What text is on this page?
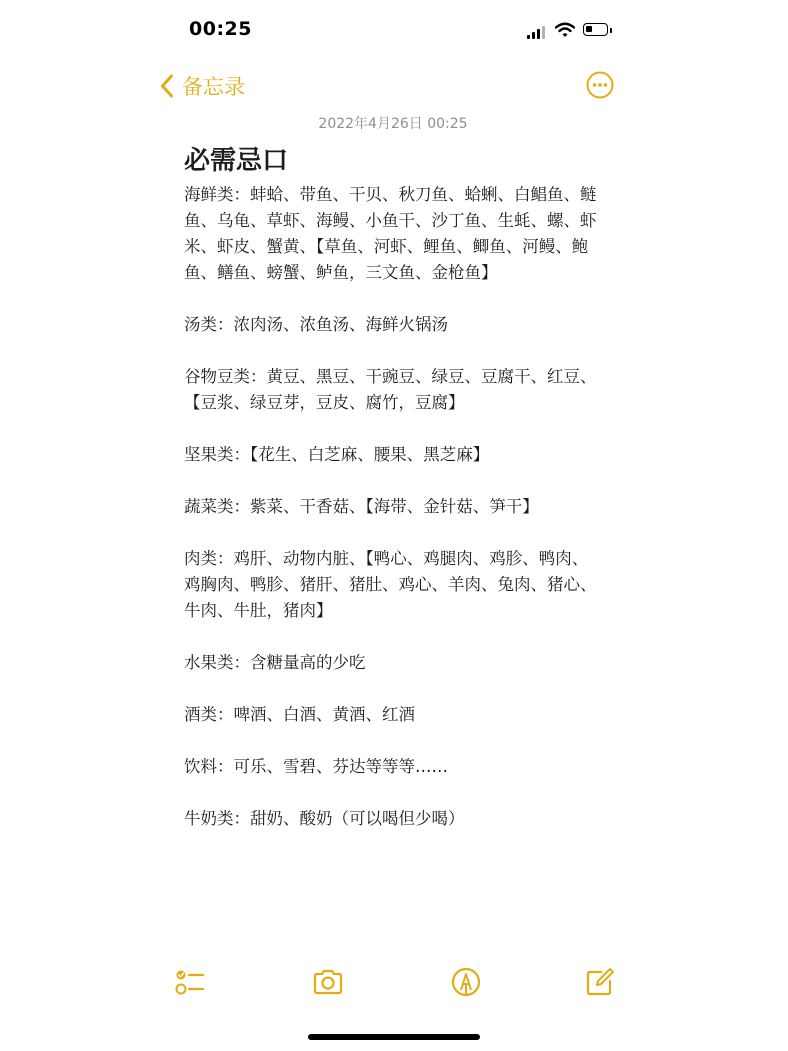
00:25
备忘录
2022年4月26日 00:25
必需忌口

海鲜类：蚌蛤、带鱼、干贝、秋刀鱼、蛤蜊、白鲳鱼、鲢鱼、乌龟、草虾、海鳗、小鱼干、沙丁鱼、生蚝、螺、虾米、虾皮、蟹黄、【草鱼、河虾、鲤鱼、鲫鱼、河鳗、鲍鱼、鳝鱼、螃蟹、鲈鱼，三文鱼、金枪鱼】

汤类：浓肉汤、浓鱼汤、海鲜火锅汤

谷物豆类：黄豆、黑豆、干豌豆、绿豆、豆腐干、红豆、【豆浆、绿豆芽，豆皮、腐竹，豆腐】

坚果类：【花生、白芝麻、腰果、黑芝麻】

蔬菜类：紫菜、干香菇、【海带、金针菇、笋干】

肉类：鸡肝、动物内脏、【鸭心、鸡腿肉、鸡胗、鸭肉、鸡胸肉、鸭胗、猪肝、猪肚、鸡心、羊肉、兔肉、猪心、牛肉、牛肚，猪肉】

水果类：含糖量高的少吃

酒类：啤酒、白酒、黄酒、红酒

饮料：可乐、雪碧、芬达等等等……

牛奶类：甜奶、酸奶（可以喝但少喝）
